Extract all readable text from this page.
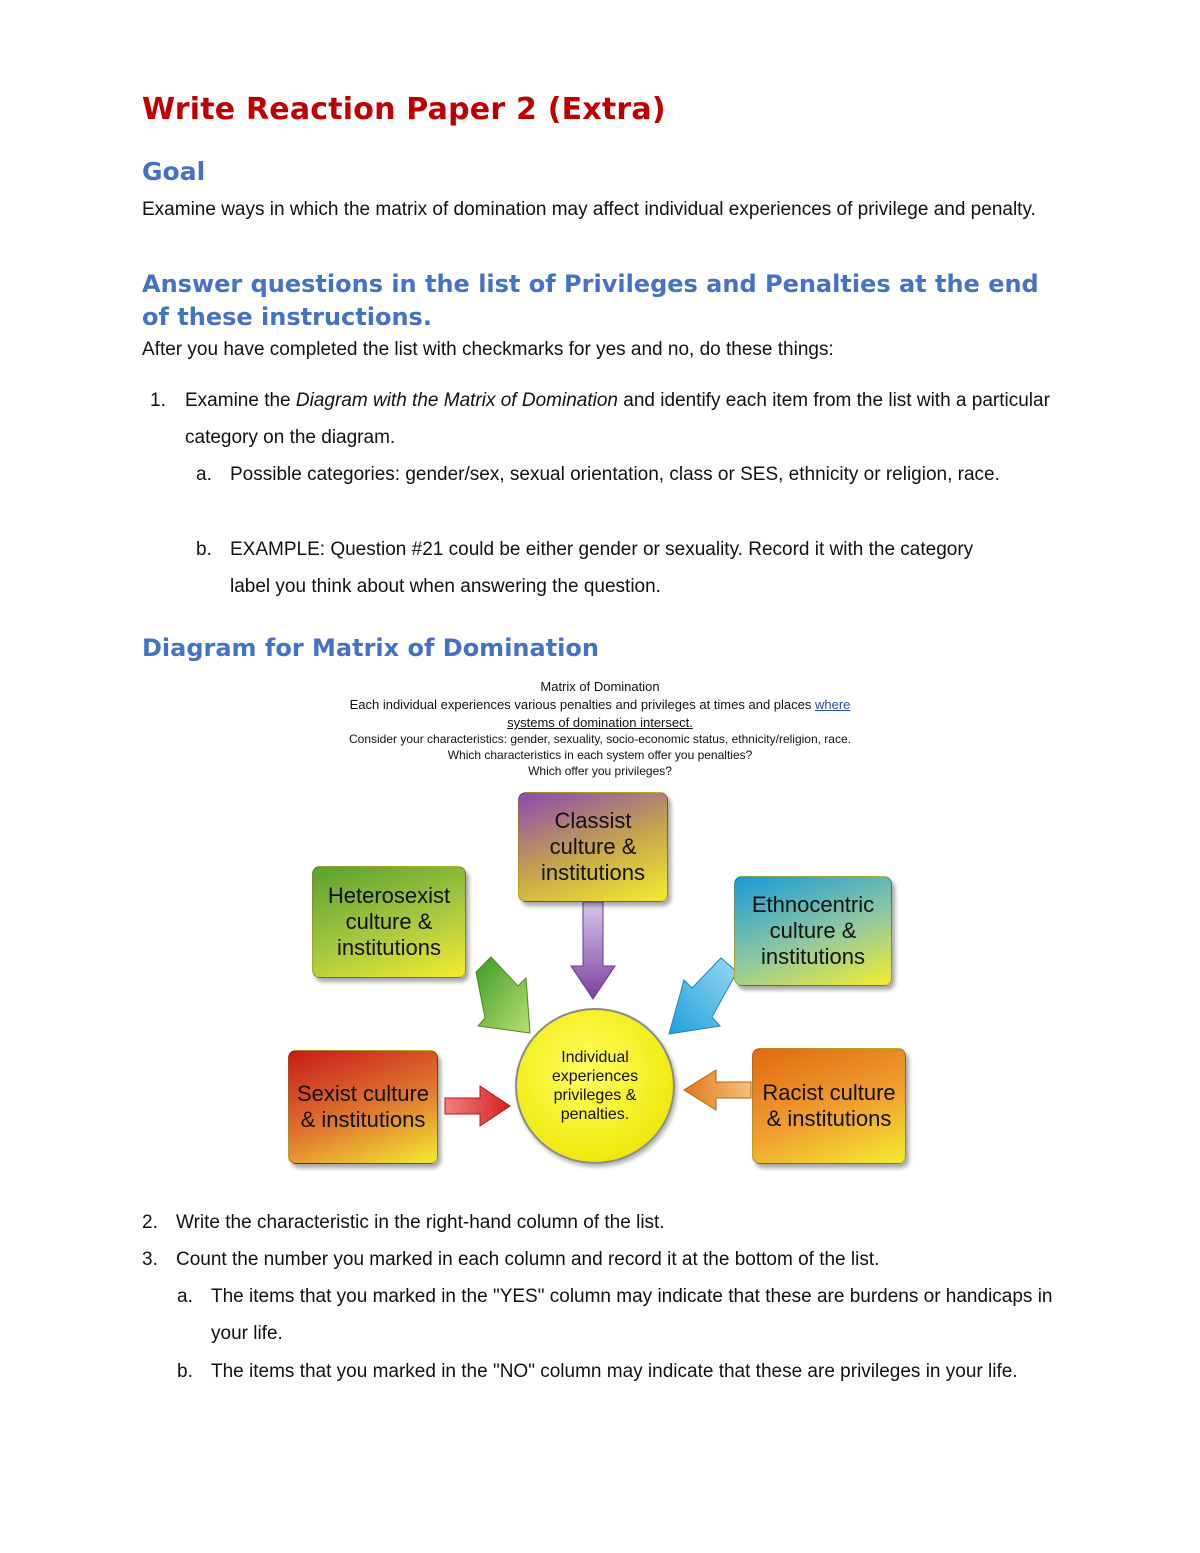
Write Reaction Paper 2 (Extra)
Goal
Examine ways in which the matrix of domination may affect individual experiences of privilege and penalty.
Answer questions in the list of Privileges and Penalties at the end of these instructions.
After you have completed the list with checkmarks for yes and no, do these things:
1. Examine the Diagram with the Matrix of Domination and identify each item from the list with a particular category on the diagram.
a. Possible categories: gender/sex, sexual orientation, class or SES, ethnicity or religion, race.
b. EXAMPLE: Question #21 could be either gender or sexuality. Record it with the category label you think about when answering the question.
Diagram for Matrix of Domination
Matrix of Domination
Each individual experiences various penalties and privileges at times and places where
systems of domination intersect.
Consider your characteristics: gender, sexuality, socio-economic status, ethnicity/religion, race.
Which characteristics in each system offer you penalties?
Which offer you privileges?
Classist culture & institutions
Heterosexist culture & institutions
Ethnocentric culture & institutions
Sexist culture & institutions
Racist culture & institutions
Individual experiences privileges & penalties.
2. Write the characteristic in the right-hand column of the list.
3. Count the number you marked in each column and record it at the bottom of the list.
a. The items that you marked in the "YES" column may indicate that these are burdens or handicaps in your life.
b. The items that you marked in the "NO" column may indicate that these are privileges in your life.
